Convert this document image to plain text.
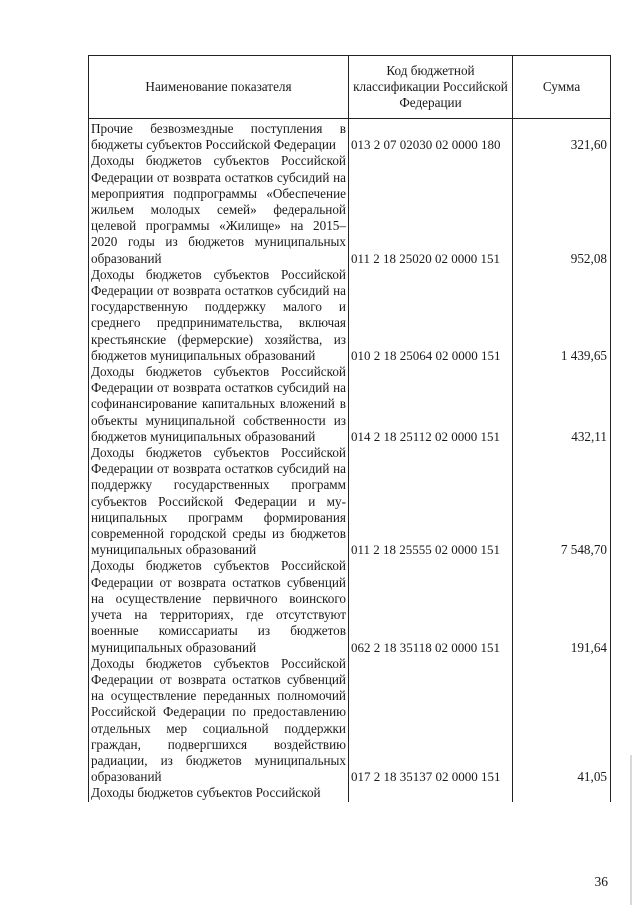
Наименование показателя	Код бюджетной классификации Российской Федерации	Сумма
Прочие безвозмездные поступления в бюджеты субъектов Российской Федерации	013 2 07 02030 02 0000 180	321,60
Доходы бюджетов субъектов Российской Федерации от возврата остатков субсидий на мероприятия подпрограммы «Обеспечение жильем молодых семей» федеральной целевой программы «Жилище» на 2015–2020 годы из бюджетов муниципальных образований	011 2 18 25020 02 0000 151	952,08
Доходы бюджетов субъектов Российской Федерации от возврата остатков субсидий на государственную поддержку малого и среднего предпринимательства, включая крестьянские (фермерские) хозяйства, из бюджетов муниципальных образований	010 2 18 25064 02 0000 151	1 439,65
Доходы бюджетов субъектов Российской Федерации от возврата остатков субсидий на софинансирование капитальных вложений в объекты муниципальной собственности из бюджетов муниципальных образований	014 2 18 25112 02 0000 151	432,11
Доходы бюджетов субъектов Российской Федерации от возврата остатков субсидий на поддержку государственных программ субъектов Российской Федерации и муниципальных программ формирования современной городской среды из бюджетов муниципальных образований	011 2 18 25555 02 0000 151	7 548,70
Доходы бюджетов субъектов Российской Федерации от возврата остатков субвенций на осуществление первичного воинского учета на территориях, где отсутствуют военные комиссариаты из бюджетов муниципальных образований	062 2 18 35118 02 0000 151	191,64
Доходы бюджетов субъектов Российской Федерации от возврата остатков субвенций на осуществление переданных полномочий Российской Федерации по предоставлению отдельных мер социальной поддержки граждан, подвергшихся воздействию радиации, из бюджетов муниципальных образований	017 2 18 35137 02 0000 151	41,05
Доходы бюджетов субъектов Российской		
36
